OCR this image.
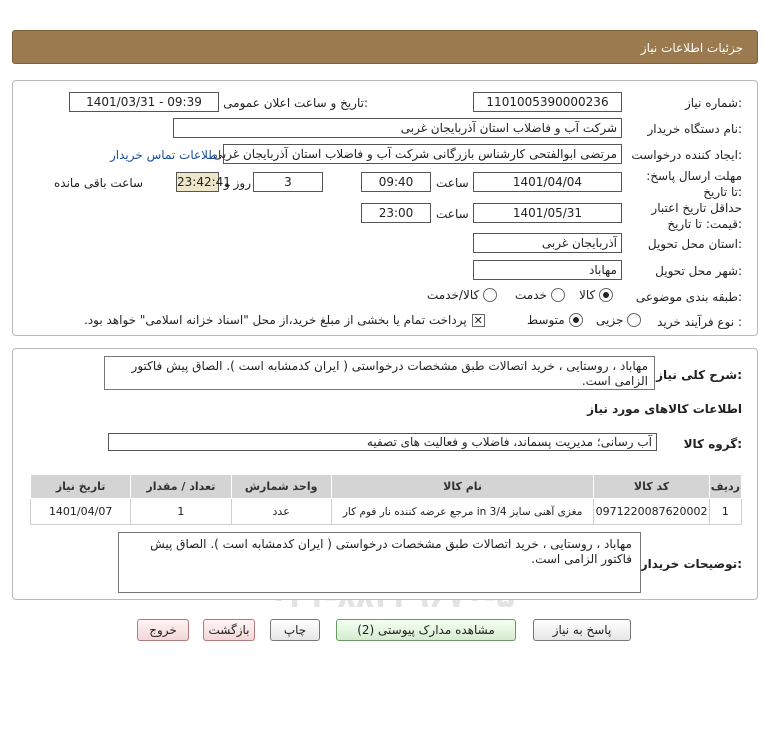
جزئیات اطلاعات نیاز
شماره نیاز:
1101005390000236
تاریخ و ساعت اعلان عمومی:
1401/03/31 - 09:39
نام دستگاه خریدار:
شرکت آب و فاضلاب استان آذربایجان غربی
ایجاد کننده درخواست:
مرتضی ابوالفتحی کارشناس بازرگانی شرکت آب و فاضلاب استان آذربایجان غربی
اطلاعات تماس خریدار
مهلت ارسال پاسخ: تا تاریخ:
1401/04/04
ساعت
09:40
3
روز و
23:42:41
ساعت باقی مانده
حداقل تاریخ اعتبار قیمت: تا تاریخ:
1401/05/31
ساعت
23:00
استان محل تحویل:
آذربایجان غربی
شهر محل تحویل:
مهاباد
طبقه بندی موضوعی:
کالا
خدمت
کالا/خدمت
نوع فرآیند خرید :
جزیی
متوسط
✕
پرداخت تمام یا بخشی از مبلغ خرید،از محل "اسناد خزانه اسلامی" خواهد بود.
شرح کلی نیاز:
مهاباد ، روستایی ، خرید اتصالات طبق مشخصات درخواستی ( ایران کدمشابه است ). الصاق پیش فاکتور الزامی است.
اطلاعات کالاهای مورد نیاز
گروه کالا:
آب رسانی؛ مدیریت پسماند، فاضلاب و فعالیت های تصفیه
ردیف	کد کالا	نام کالا	واحد شمارش	تعداد / مقدار	تاریخ نیاز
1	0971220087620002	مغزی آهنی سایز 3/4 in مرجع عرضه کننده نار فوم کار	عدد	1	1401/04/07
توضیحات خریدار:
مهاباد ، روستایی ، خرید اتصالات طبق مشخصات درخواستی ( ایران کدمشابه است ). الصاق پیش فاکتور الزامی است.
پاسخ به نیاز
مشاهده مدارک پیوستی (2)
چاپ
بازگشت
خروج
